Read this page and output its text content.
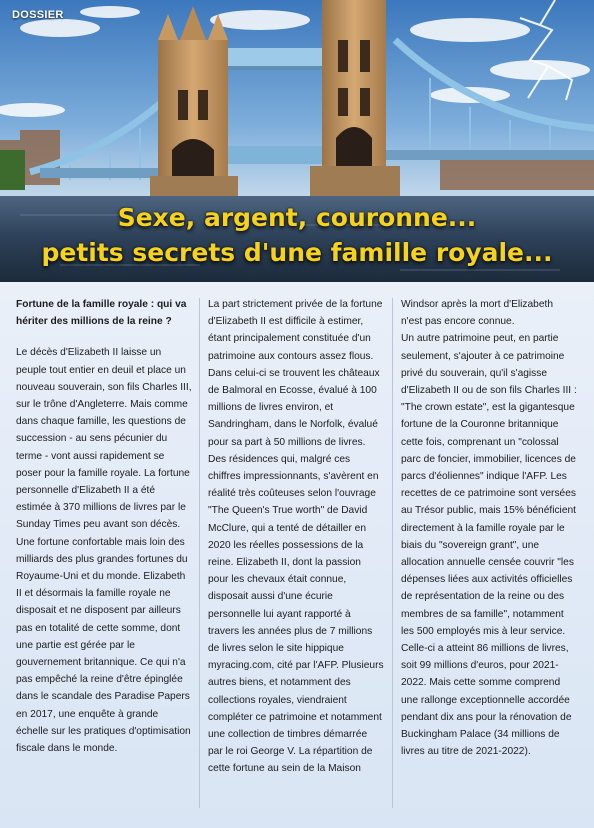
DOSSIER
Sexe, argent, couronne...
petits secrets d'une famille royale...

Fortune de la famille royale : qui va hériter des millions de la reine ?

Le décès d'Elizabeth II laisse un peuple tout entier en deuil et place un nouveau souverain, son fils Charles III, sur le trône d'Angleterre. Mais comme dans chaque famille, les questions de succession - au sens pécunier du terme - vont aussi rapidement se poser pour la famille royale. La fortune personnelle d'Elizabeth II a été estimée à 370 millions de livres par le Sunday Times peu avant son décès. Une fortune confortable mais loin des milliards des plus grandes fortunes du Royaume-Uni et du monde. Elizabeth II et désormais la famille royale ne disposait et ne disposent par ailleurs pas en totalité de cette somme, dont une partie est gérée par le gouvernement britannique. Ce qui n'a pas empêché la reine d'être épinglée dans le scandale des Paradise Papers en 2017, une enquête à grande échelle sur les pratiques d'optimisation fiscale dans le monde.

La part strictement privée de la fortune d'Elizabeth II est difficile à estimer, étant principalement constituée d'un patrimoine aux contours assez flous. Dans celui-ci se trouvent les châteaux de Balmoral en Ecosse, évalué à 100 millions de livres environ, et Sandringham, dans le Norfolk, évalué pour sa part à 50 millions de livres. Des résidences qui, malgré ces chiffres impressionnants, s'avèrent en réalité très coûteuses selon l'ouvrage "The Queen's True worth" de David McClure, qui a tenté de détailler en 2020 les réelles possessions de la reine. Elizabeth II, dont la passion pour les chevaux était connue, disposait aussi d'une écurie personnelle lui ayant rapporté à travers les années plus de 7 millions de livres selon le site hippique myracing.com, cité par l'AFP. Plusieurs autres biens, et notamment des collections royales, viendraient compléter ce patrimoine et notamment une collection de timbres démarrée par le roi George V. La répartition de cette fortune au sein de la Maison

Windsor après la mort d'Elizabeth n'est pas encore connue.

Un autre patrimoine peut, en partie seulement, s'ajouter à ce patrimoine privé du souverain, qu'il s'agisse d'Elizabeth II ou de son fils Charles III : "The crown estate", est la gigantesque fortune de la Couronne britannique cette fois, comprenant un "colossal parc de foncier, immobilier, licences de parcs d'éoliennes" indique l'AFP. Les recettes de ce patrimoine sont versées au Trésor public, mais 15% bénéficient directement à la famille royale par le biais du "sovereign grant", une allocation annuelle censée couvrir "les dépenses liées aux activités officielles de représentation de la reine ou des membres de sa famille", notamment les 500 employés mis à leur service. Celle-ci a atteint 86 millions de livres, soit 99 millions d'euros, pour 2021-2022. Mais cette somme comprend une rallonge exceptionnelle accordée pendant dix ans pour la rénovation de Buckingham Palace (34 millions de livres au titre de 2021-2022).
